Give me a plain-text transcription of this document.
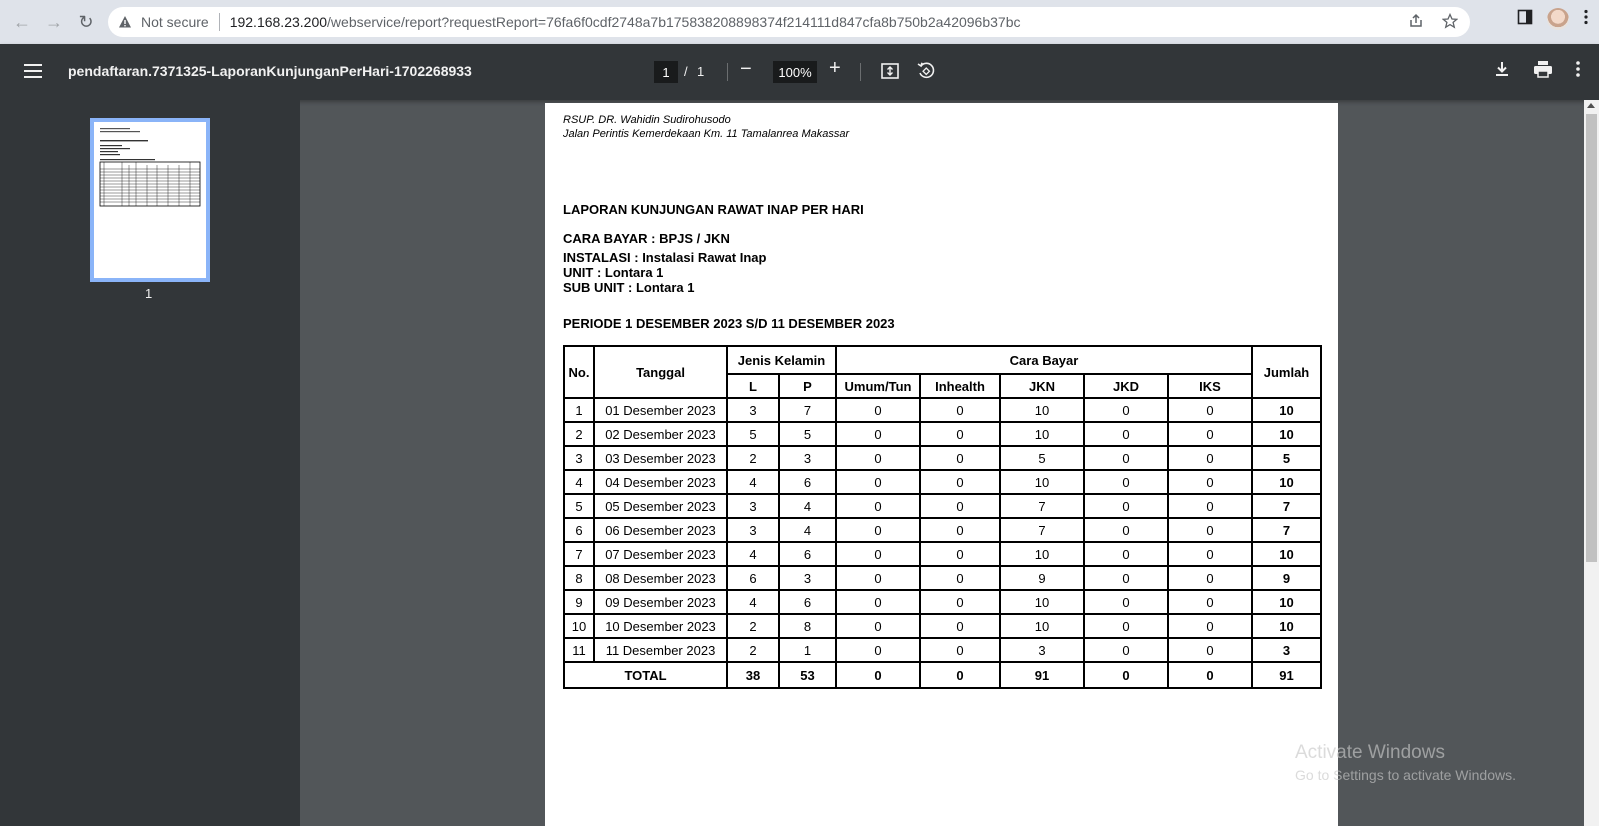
← → ↻	Not secure 192.168.23.200 /webservice/report?requestReport=76fa6f0cdf2748a7b175838208898374f214111d847cfa8b750b2a42096b37bc
pendaftaran.7371325-LaporanKunjunganPerHari-1702268933	1	/ 1 −	100% +
1
RSUP. DR. Wahidin Sudirohusodo
Jalan Perintis Kemerdekaan Km. 11 Tamalanrea Makassar
LAPORAN KUNJUNGAN RAWAT INAP PER HARI
CARA BAYAR : BPJS / JKN
INSTALASI : Instalasi Rawat Inap
UNIT : Lontara 1
SUB UNIT : Lontara 1
PERIODE 1 DESEMBER 2023 S/D 11 DESEMBER 2023
No.	Tanggal	Jenis Kelamin		Cara Bayar					Jumlah
		L	P	Umum/Tun	Inhealth	JKN	JKD	IKS	
1	01 Desember 2023	3	7	0	0	10	0	0	10
2	02 Desember 2023	5	5	0	0	10	0	0	10
3	03 Desember 2023	2	3	0	0	5	0	0	5
4	04 Desember 2023	4	6	0	0	10	0	0	10
5	05 Desember 2023	3	4	0	0	7	0	0	7
6	06 Desember 2023	3	4	0	0	7	0	0	7
7	07 Desember 2023	4	6	0	0	10	0	0	10
8	08 Desember 2023	6	3	0	0	9	0	0	9
9	09 Desember 2023	4	6	0	0	10	0	0	10
10	10 Desember 2023	2	8	0	0	10	0	0	10
11	11 Desember 2023	2	1	0	0	3	0	0	3
TOTAL		38	53	0	0	91	0	0	91
Activate Windows
Go to Settings to activate Windows.
